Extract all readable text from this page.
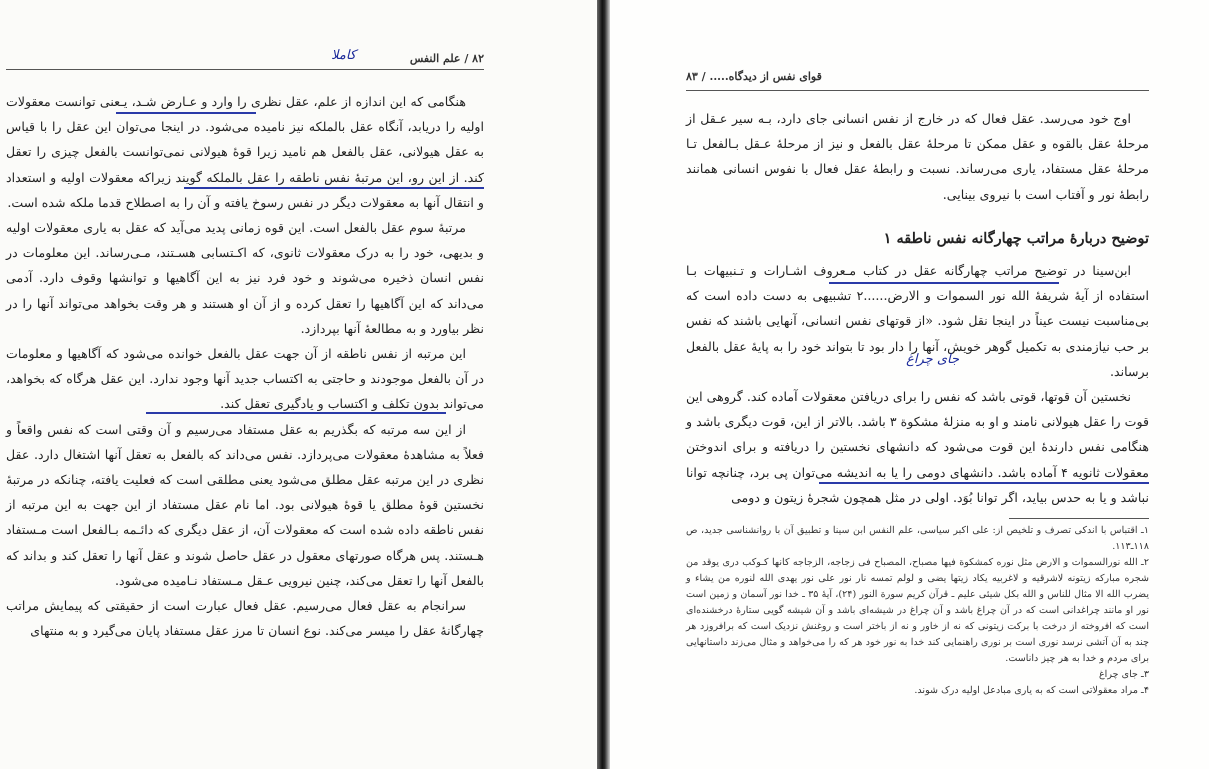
۸۲ / علم النفس
کاملا

هنگامی که این اندازه از علم، عقل نظری را وارد و عـارض شـد، یـعنی توانست معقولات اولیه را دریابد، آنگاه عقل بالملکه نیز نامیده می‌شود. در اینجا می‌توان این عقل را با قیاس به عقل هیولانی، عقل بالفعل هم نامید زیرا قوهٔ هیولانی نمی‌توانست بالفعل چیزی را تعقل کند. از این رو، این مرتبهٔ نفس ناطقه را عقل بالملکه گویند زیراکه معقولات اولیه و استعداد و انتقال آنها به معقولات دیگر در نفس رسوخ یافته و آن را به اصطلاح قدما ملکه شده است.

مرتبهٔ سوم عقل بالفعل است. این قوه زمانی پدید می‌آید که عقل به یاری معقولات اولیه و بدیهی، خود را به درک معقولات ثانوی، که اکـتسابی هسـتند، مـی‌رساند. این معلومات در نفس انسان ذخیره می‌شوند و خود فرد نیز به این آگاهیها و توانشها وقوف دارد. آدمی می‌داند که این آگاهیها را تعقل کرده و از آن او هستند و هر وقت بخواهد می‌تواند آنها را در نظر بیاورد و به مطالعهٔ آنها بپردازد.

این مرتبه از نفس ناطقه از آن جهت عقل بالفعل خوانده می‌شود که آگاهیها و معلومات در آن بالفعل موجودند و حاجتی به اکتساب جدید آنها وجود ندارد. این عقل هرگاه که بخواهد، می‌تواند بدون تکلف و اکتساب و یادگیری تعقل کند.

از این سه مرتبه که بگذریم به عقل مستفاد می‌رسیم و آن وقتی است که نفس واقعاً و فعلاً به مشاهدهٔ معقولات می‌پردازد. نفس می‌داند که بالفعل به تعقل آنها اشتغال دارد. عقل نظری در این مرتبه عقل مطلق می‌شود یعنی مطلقی است که فعلیت یافته، چنانکه در مرتبهٔ نخستین قوهٔ مطلق یا قوهٔ هیولانی بود. اما نام عقل مستفاد از این جهت به این مرتبه از نفس ناطقه داده شده است که معقولات آن، از عقل دیگری که دائـمه بـالفعل است مـستفاد هـستند. پس هرگاه صورتهای معقول در عقل حاصل شوند و عقل آنها را تعقل کند و بداند که بالفعل آنها را تعقل می‌کند، چنین نیرویی عـقل مـستفاد نـامیده می‌شود.

سرانجام به عقل فعال می‌رسیم. عقل فعال عبارت است از حقیقتی که پیمایش مراتب چهارگانهٔ عقل را میسر می‌کند. نوع انسان تا مرز عقل مستفاد پایان می‌گیرد و به منتهای

قوای نفس از دیدگاه..... / ۸۳

اوج خود می‌رسد. عقل فعال که در خارج از نفس انسانی جای دارد، بـه سیر عـقل از مرحلهٔ عقل بالقوه و عقل ممکن تا مرحلهٔ عقل بالفعل و نیز از مرحلهٔ عـقل بـالفعل تـا مرحلهٔ عقل مستفاد، یاری می‌رساند. نسبت و رابطهٔ عقل فعال با نفوس انسانی همانند رابطهٔ نور و آفتاب است با نیروی بینایی.

توضیح دربارهٔ مراتب چهارگانه نفس ناطقه ۱

ابن‌سینا در توضیح مراتب چهارگانه عقل در کتاب مـعروف اشـارات و تـنبیهات بـا استفاده از آیهٔ شریفهٔ الله نور السموات و الارض......۲ تشبیهی به دست داده است که بی‌مناسبت نیست عیناً در اینجا نقل شود. «از قوتهای نفس انسانی، آنهایی باشند که نفس بر حب نیازمندی به تکمیل گوهر خویش، آنها را دار بود تا بتواند خود را به پایهٔ عقل بالفعل برساند.

نخستین آن قوتها، قوتی باشد که نفس را برای دریافتن معقولات آماده کند. گروهی این قوت را عقل هیولانی نامند و او به منزلهٔ مشکوة ۳ باشد. بالاتر از این، قوت دیگری باشد و هنگامی نفس دارندهٔ این قوت می‌شود که دانشهای نخستین را دریافته و برای اندوختن معقولات ثانویه ۴ آماده باشد. دانشهای دومی را یا به اندیشه می‌توان پی برد، چنانچه توانا نباشد و یا به حدس بیاید، اگر توانا بُوَد. اولی در مثل همچون شجرهٔ زیتون و دومی

جای چراغ
۱ـ اقتباس با اندکی تصرف و تلخیص از: علی اکبر سیاسی، علم النفس ابن سینا و تطبیق آن با روانشناسی جدید، ص ۱۱۸ـ۱۱۳.
۲ـ الله نورالسموات و الارض مثل نوره کمشکوة فیها مصباح، المصباح فی زجاجه، الزجاجه کانها کـوکب دری یوقد من شجره مبارکه زیتونه لاشرقیه و لاغربیه یکاد زیتها یضی و لولم تمسه نار نور علی نور یهدی الله لنوره من یشاء و یضرب الله الا مثال للناس و الله بکل شیئی علیم ـ قرآن کریم سورة النور (۲۴)، آیهٔ ۳۵ ـ خدا نور آسمان و زمین است نور او مانند چراغدانی است که در آن چراغ باشد و آن چراغ در شیشه‌ای باشد و آن شیشه گویی ستارهٔ درخشنده‌ای است که افروخته از درخت با برکت زیتونی که نه از خاور و نه از باختر است و روغنش نزدیک است که برافروزد هر چند به آن آتشی نرسد نوری است بر نوری راهنمایی کند خدا به نور خود هر که را می‌خواهد و مثال می‌زند داستانهایی برای مردم و خدا به هر چیز داناست.
۳ـ جای چراغ
۴ـ مراد معقولاتی است که به یاری مبادعل اولیه درک شوند.
